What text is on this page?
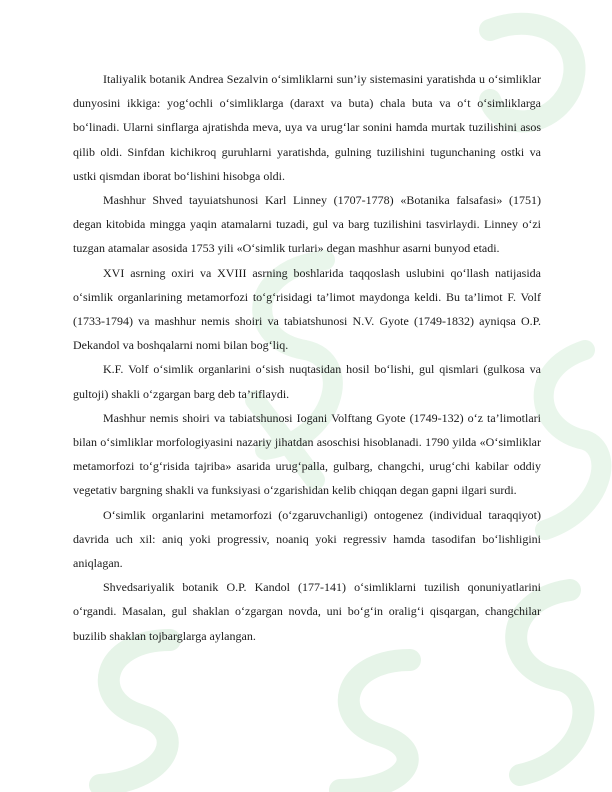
Italiyalik botanik Andrea Sezalvin o‘simliklarni sun’iy sistemasini yaratishda u o‘simliklar dunyosini ikkiga: yog‘ochli o‘simliklarga (daraxt va buta) chala buta va o‘t o‘simliklarga bo‘linadi. Ularni sinflarga ajratishda meva, uya va urug‘lar sonini hamda murtak tuzilishini asos qilib oldi. Sinfdan kichikroq guruhlarni yaratishda, gulning tuzilishini tugunchaning ostki va ustki qismdan iborat bo‘lishini hisobga oldi.

Mashhur Shved tayuiatshunosi Karl Linney (1707-1778) «Botanika falsafasi» (1751) degan kitobida mingga yaqin atamalarni tuzadi, gul va barg tuzilishini tasvirlaydi. Linney o‘zi tuzgan atamalar asosida 1753 yili «O‘simlik turlari» degan mashhur asarni bunyod etadi.

XVI asrning oxiri va XVIII asrning boshlarida taqqoslash uslubini qo‘llash natijasida o‘simlik organlarining metamorfozi to‘g‘risidagi ta’limot maydonga keldi. Bu ta’limot F. Volf (1733-1794) va mashhur nemis shoiri va tabiatshunosi N.V. Gyote (1749-1832) ayniqsa O.P. Dekandol va boshqalarni nomi bilan bog‘liq.

K.F. Volf o‘simlik organlarini o‘sish nuqtasidan hosil bo‘lishi, gul qismlari (gulkosa va gultoji) shakli o‘zgargan barg deb ta’riflaydi.

Mashhur nemis shoiri va tabiatshunosi Iogani Volftang Gyote (1749-132) o‘z ta’limotlari bilan o‘simliklar morfologiyasini nazariy jihatdan asoschisi hisoblanadi. 1790 yilda «O‘simliklar metamorfozi to‘g‘risida tajriba» asarida urug‘palla, gulbarg, changchi, urug‘chi kabilar oddiy vegetativ bargning shakli va funksiyasi o‘zgarishidan kelib chiqqan degan gapni ilgari surdi.

O‘simlik organlarini metamorfozi (o‘zgaruvchanligi) ontogenez (individual taraqqiyot) davrida uch xil: aniq yoki progressiv, noaniq yoki regressiv hamda tasodifan bo‘lishligini aniqlagan.

Shvedsariyalik botanik O.P. Kandol (177-141) o‘simliklarni tuzilish qonuniyatlarini o‘rgandi. Masalan, gul shaklan o‘zgargan novda, uni bo‘g‘in oralig‘i qisqargan, changchilar buzilib shaklan tojbarglarga aylangan.
